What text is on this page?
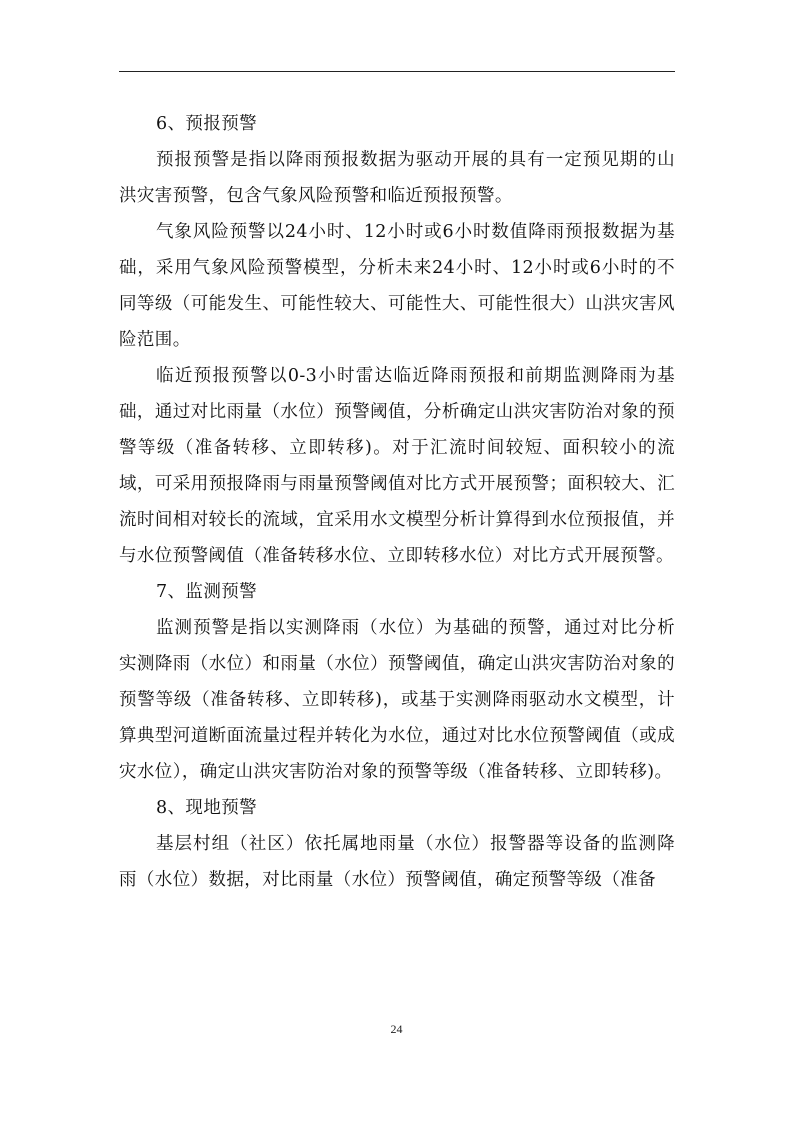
6、预报预警

预报预警是指以降雨预报数据为驱动开展的具有一定预见期的山洪灾害预警，包含气象风险预警和临近预报预警。

气象风险预警以24小时、12小时或6小时数值降雨预报数据为基础，采用气象风险预警模型，分析未来24小时、12小时或6小时的不同等级（可能发生、可能性较大、可能性大、可能性很大）山洪灾害风险范围。

临近预报预警以0-3小时雷达临近降雨预报和前期监测降雨为基础，通过对比雨量（水位）预警阈值，分析确定山洪灾害防治对象的预警等级（准备转移、立即转移)。对于汇流时间较短、面积较小的流域，可采用预报降雨与雨量预警阈值对比方式开展预警；面积较大、汇流时间相对较长的流域，宜采用水文模型分析计算得到水位预报值，并与水位预警阈值（准备转移水位、立即转移水位）对比方式开展预警。

7、监测预警

监测预警是指以实测降雨（水位）为基础的预警，通过对比分析实测降雨（水位）和雨量（水位）预警阈值，确定山洪灾害防治对象的预警等级（准备转移、立即转移)，或基于实测降雨驱动水文模型，计算典型河道断面流量过程并转化为水位，通过对比水位预警阈值（或成灾水位），确定山洪灾害防治对象的预警等级（准备转移、立即转移)。

8、现地预警

基层村组（社区）依托属地雨量（水位）报警器等设备的监测降雨（水位）数据，对比雨量（水位）预警阈值，确定预警等级（准备

24
